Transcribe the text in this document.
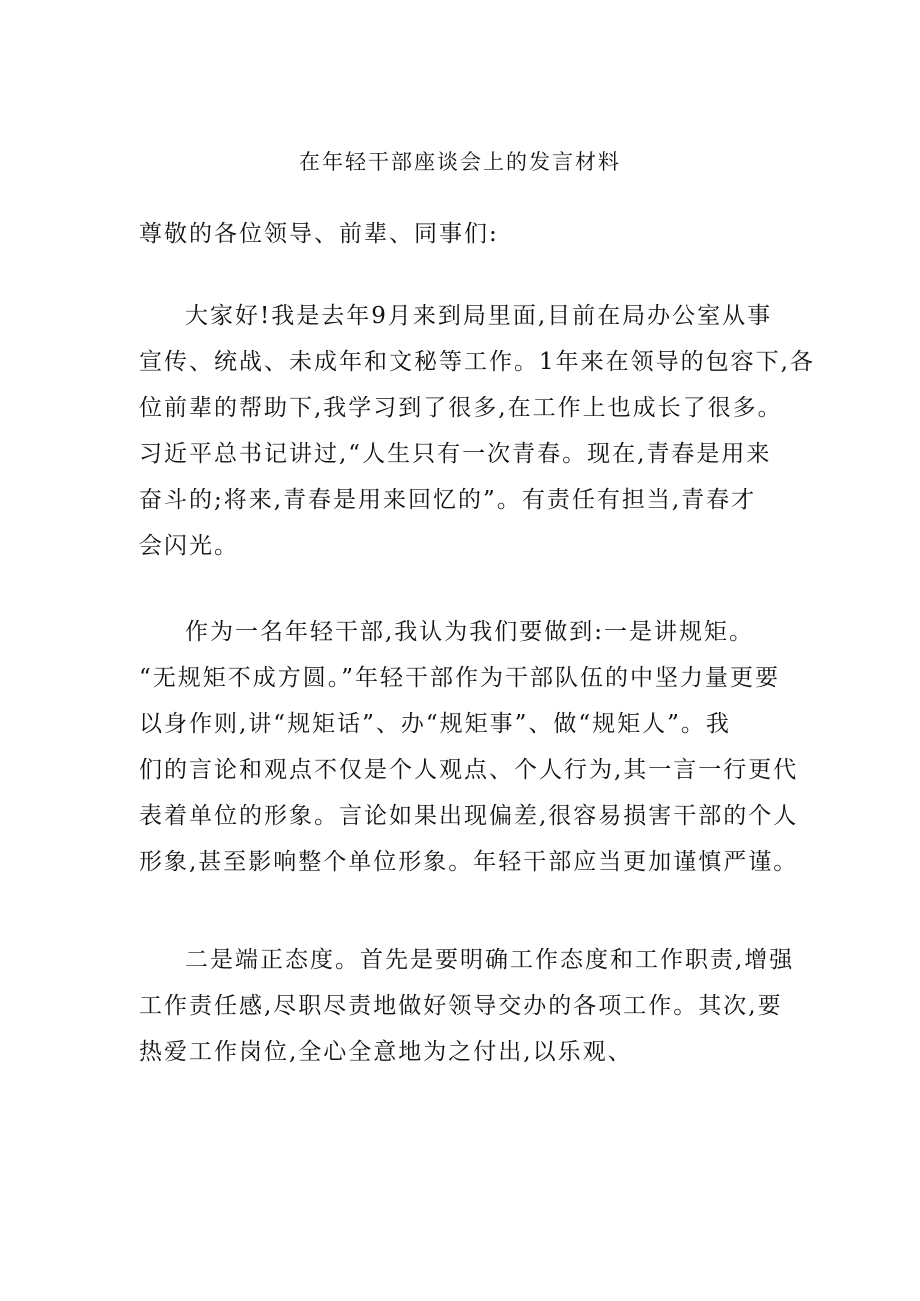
在年轻干部座谈会上的发言材料
尊敬的各位领导、前辈、同事们:
大家好!我是去年9月来到局里面,目前在局办公室从事
宣传、统战、未成年和文秘等工作。1年来在领导的包容下,各
位前辈的帮助下,我学习到了很多,在工作上也成长了很多。
习近平总书记讲过,“人生只有一次青春。现在,青春是用来
奋斗的;将来,青春是用来回忆的”。有责任有担当,青春才
会闪光。
作为一名年轻干部,我认为我们要做到:一是讲规矩。
“无规矩不成方圆。”年轻干部作为干部队伍的中坚力量更要
以身作则,讲“规矩话”、办“规矩事”、做“规矩人”。我
们的言论和观点不仅是个人观点、个人行为,其一言一行更代
表着单位的形象。言论如果出现偏差,很容易损害干部的个人
形象,甚至影响整个单位形象。年轻干部应当更加谨慎严谨。
二是端正态度。首先是要明确工作态度和工作职责,增强
工作责任感,尽职尽责地做好领导交办的各项工作。其次,要
热爱工作岗位,全心全意地为之付出,以乐观、
